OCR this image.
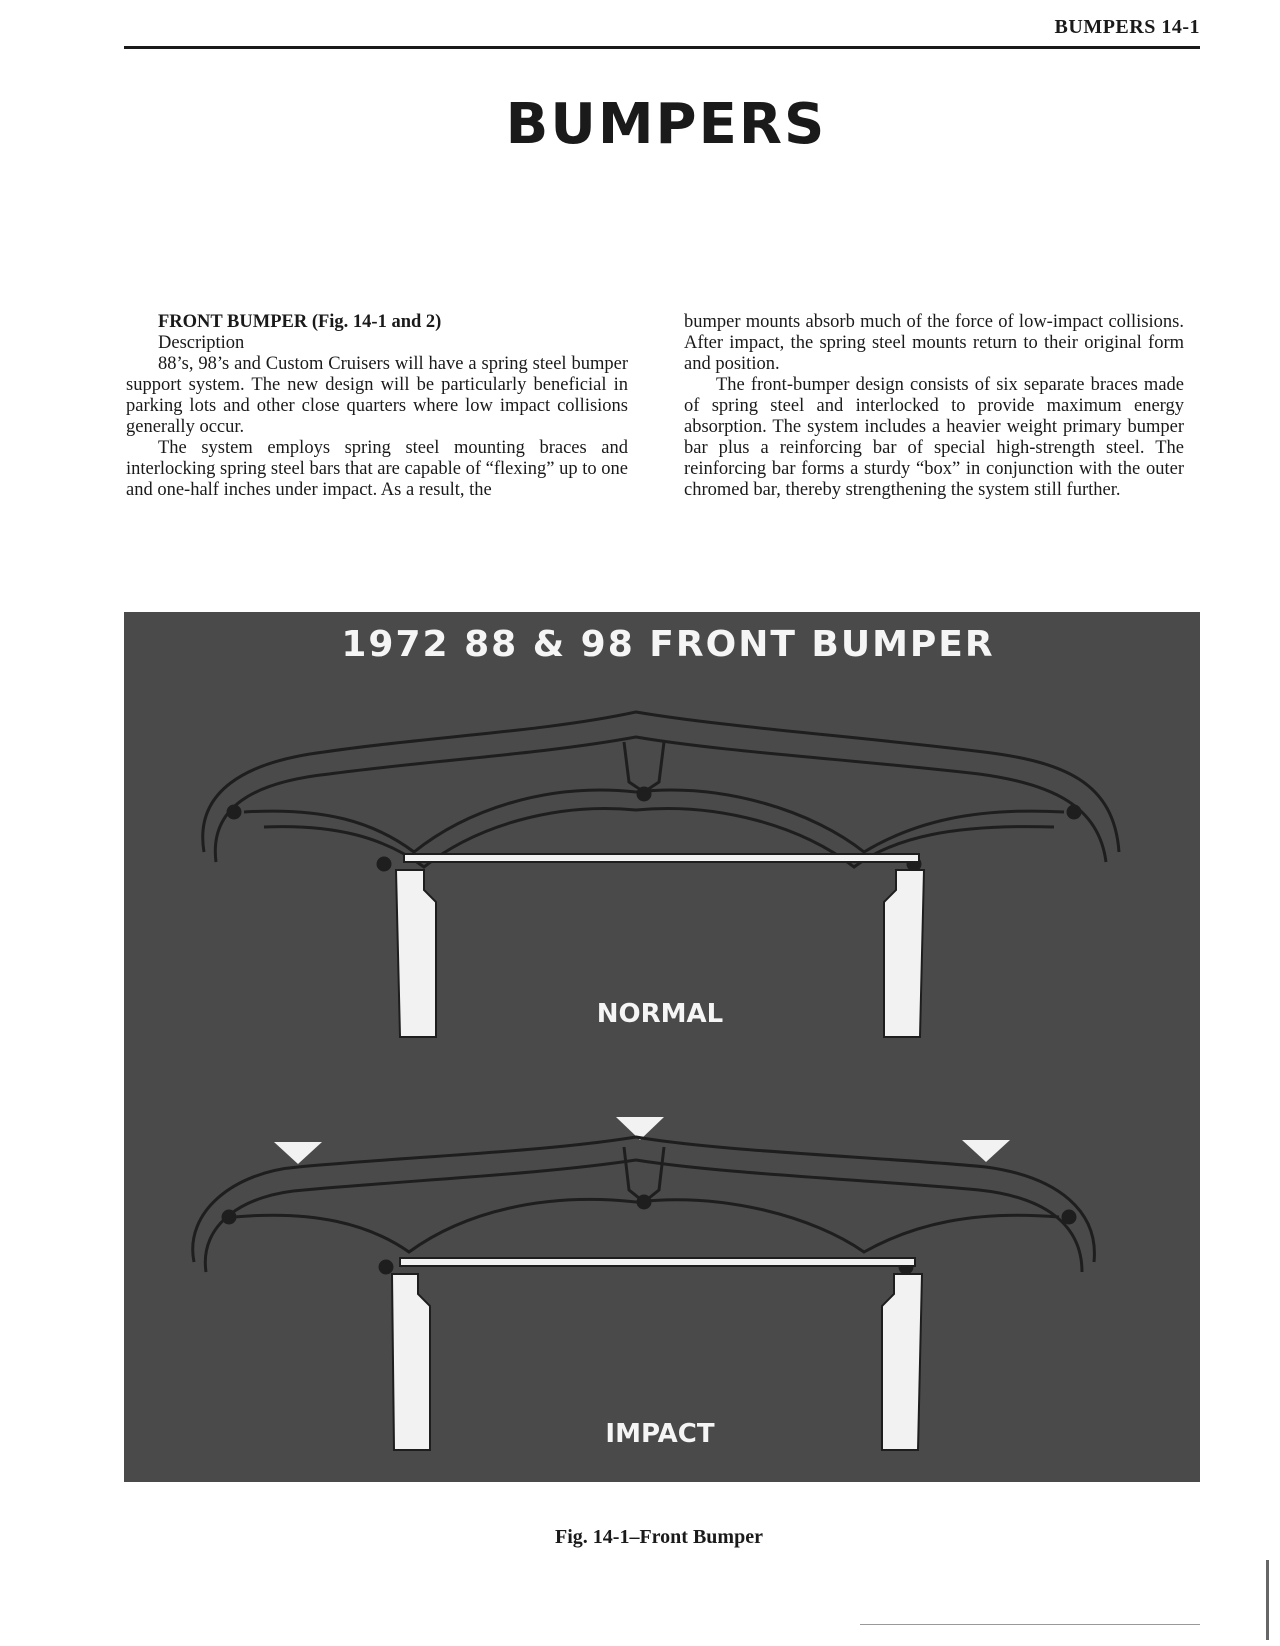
BUMPERS 14-1
BUMPERS

FRONT BUMPER (Fig. 14-1 and 2)

Description

88’s, 98’s and Custom Cruisers will have a spring steel bumper support system. The new design will be particularly beneficial in parking lots and other close quarters where low impact collisions generally occur.

The system employs spring steel mounting braces and interlocking spring steel bars that are capable of “flexing” up to one and one-half inches under impact. As a result, the

bumper mounts absorb much of the force of low-impact collisions. After impact, the spring steel mounts return to their original form and position.

The front-bumper design consists of six separate braces made of spring steel and interlocked to provide maximum energy absorption. The system includes a heavier weight primary bumper bar plus a reinforcing bar of special high-strength steel. The reinforcing bar forms a sturdy “box” in conjunction with the outer chromed bar, thereby strengthening the system still further.

1972 88 & 98 FRONT BUMPER
NORMAL
IMPACT
Fig. 14-1–Front Bumper
